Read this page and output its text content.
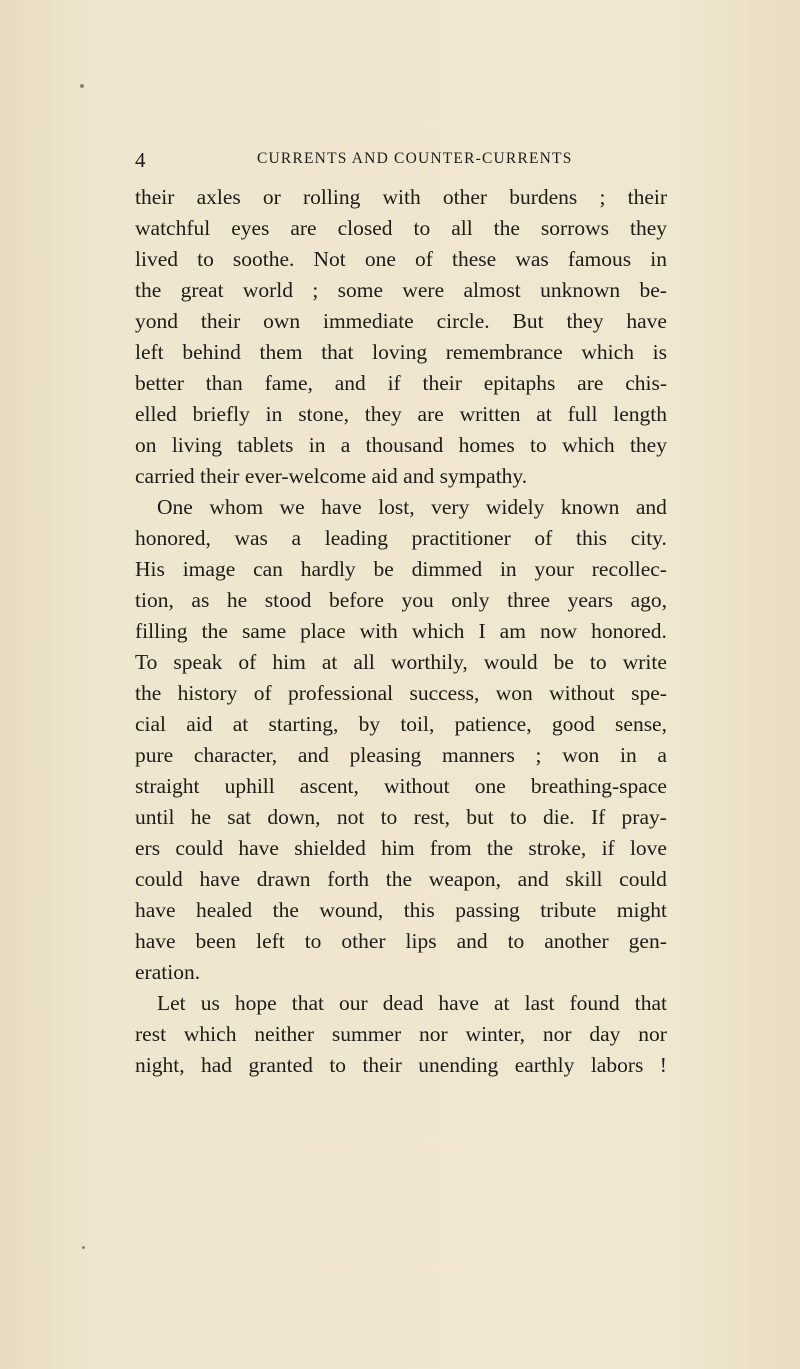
4	CURRENTS AND COUNTER-CURRENTS
their axles or rolling with other burdens ; their
watchful eyes are closed to all the sorrows they
lived to soothe. Not one of these was famous in
the great world ; some were almost unknown be-
yond their own immediate circle. But they have
left behind them that loving remembrance which is
better than fame, and if their epitaphs are chis-
elled briefly in stone, they are written at full length
on living tablets in a thousand homes to which they
carried their ever-welcome aid and sympathy.
One whom we have lost, very widely known and
honored, was a leading practitioner of this city.
His image can hardly be dimmed in your recollec-
tion, as he stood before you only three years ago,
filling the same place with which I am now honored.
To speak of him at all worthily, would be to write
the history of professional success, won without spe-
cial aid at starting, by toil, patience, good sense,
pure character, and pleasing manners ; won in a
straight uphill ascent, without one breathing-space
until he sat down, not to rest, but to die. If pray-
ers could have shielded him from the stroke, if love
could have drawn forth the weapon, and skill could
have healed the wound, this passing tribute might
have been left to other lips and to another gen-
eration.
Let us hope that our dead have at last found that
rest which neither summer nor winter, nor day nor
night, had granted to their unending earthly labors !
